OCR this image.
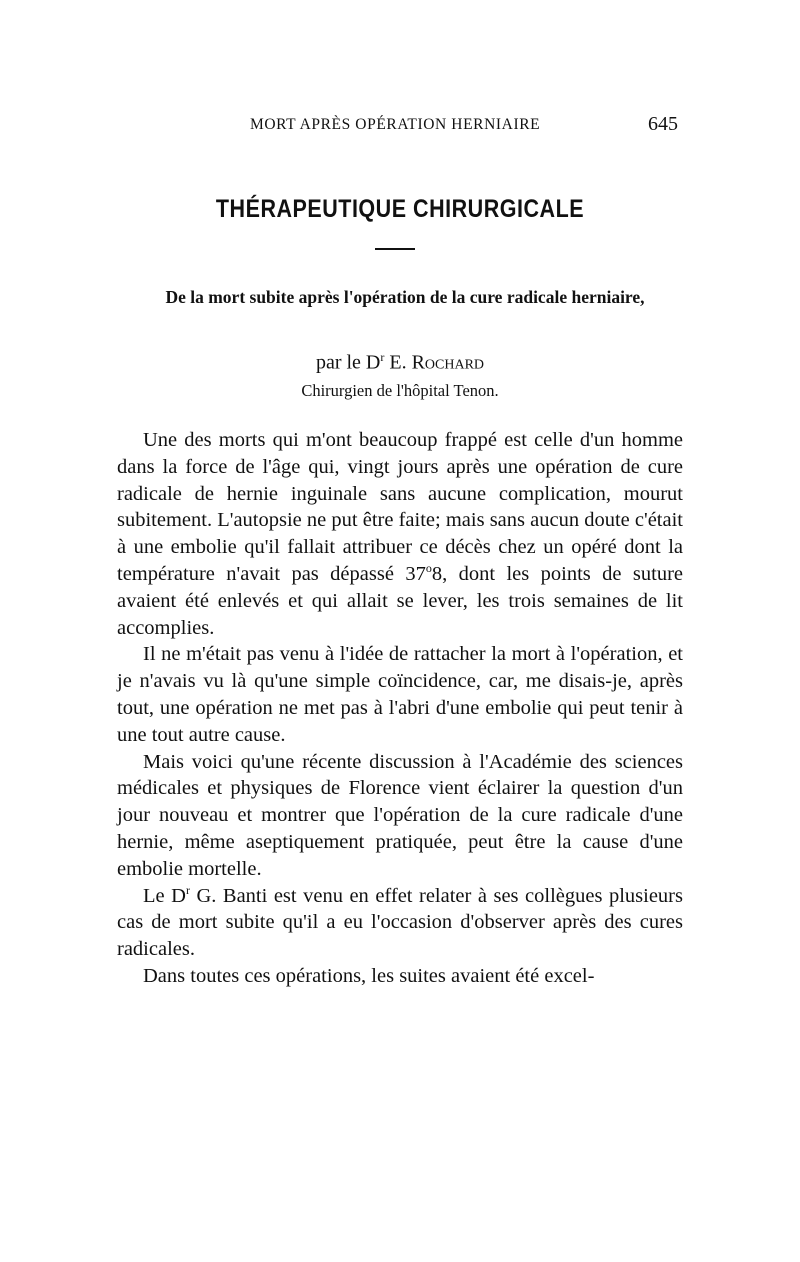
MORT APRÈS OPÉRATION HERNIAIRE	645
THÉRAPEUTIQUE CHIRURGICALE
De la mort subite après l'opération de la cure radicale herniaire,
par le $D^r$ E. Rochard
Chirurgien de l'hôpital Tenon.

Une des morts qui m'ont beaucoup frappé est celle d'un homme dans la force de l'âge qui, vingt jours après une opération de cure radicale de hernie inguinale sans aucune complication, mourut subitement. L'autopsie ne put être faite; mais sans aucun doute c'était à une embolie qu'il fallait attribuer ce décès chez un opéré dont la température n'avait pas dépassé 37$^o$8, dont les points de suture avaient été enlevés et qui allait se lever, les trois semaines de lit accomplies.

Il ne m'était pas venu à l'idée de rattacher la mort à l'opération, et je n'avais vu là qu'une simple coïncidence, car, me disais-je, après tout, une opération ne met pas à l'abri d'une embolie qui peut tenir à une tout autre cause.

Mais voici qu'une récente discussion à l'Académie des sciences médicales et physiques de Florence vient éclairer la question d'un jour nouveau et montrer que l'opération de la cure radicale d'une hernie, même aseptiquement pratiquée, peut être la cause d'une embolie mortelle.

Le $D^r$ G. Banti est venu en effet relater à ses collègues plusieurs cas de mort subite qu'il a eu l'occasion d'observer après des cures radicales.

Dans toutes ces opérations, les suites avaient été excel-
